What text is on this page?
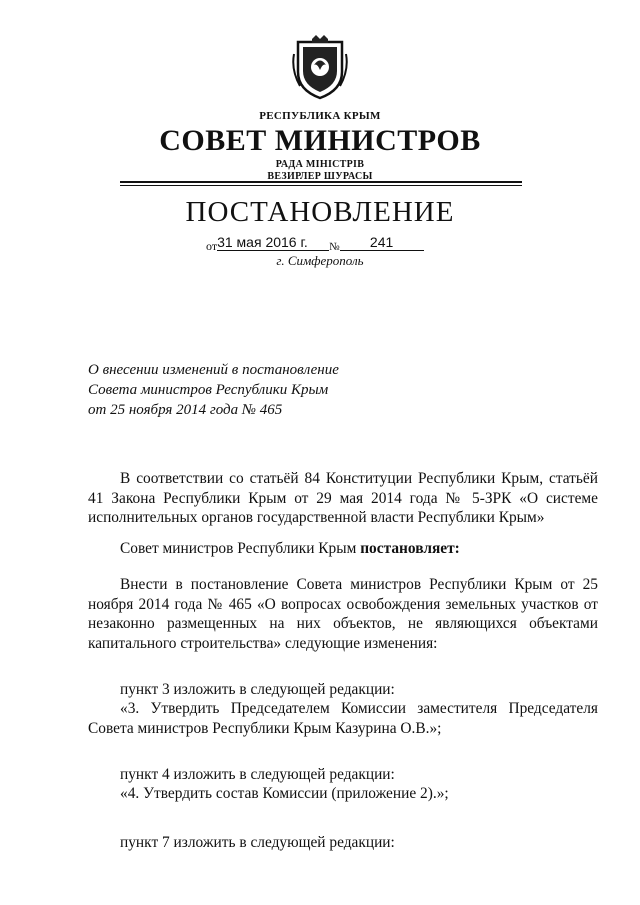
РЕСПУБЛИКА КРЫМ
СОВЕТ МИНИСТРОВ
РАДА МІНІСТРІВ
ВЕЗИРЛЕР ШУРАСЫ
ПОСТАНОВЛЕНИЕ
от31 мая 2016 г. $_№$ 241
г. Симферополь
О внесении изменений в постановление
Совета министров Республики Крым
от 25 ноября 2014 года № 465
В соответствии со статьёй 84 Конституции Республики Крым, статьёй 41 Закона Республики Крым от 29 мая 2014 года № 5-ЗРК «О системе исполнительных органов государственной власти Республики Крым»
Совет министров Республики Крым постановляет:
Внести в постановление Совета министров Республики Крым от 25 ноября 2014 года № 465 «О вопросах освобождения земельных участков от незаконно размещенных на них объектов, не являющихся объектами капитального строительства» следующие изменения:
пункт 3 изложить в следующей редакции:
«3. Утвердить Председателем Комиссии заместителя Председателя Совета министров Республики Крым Казурина О.В.»;
пункт 4 изложить в следующей редакции:
«4. Утвердить состав Комиссии (приложение 2).»;
пункт 7 изложить в следующей редакции:
